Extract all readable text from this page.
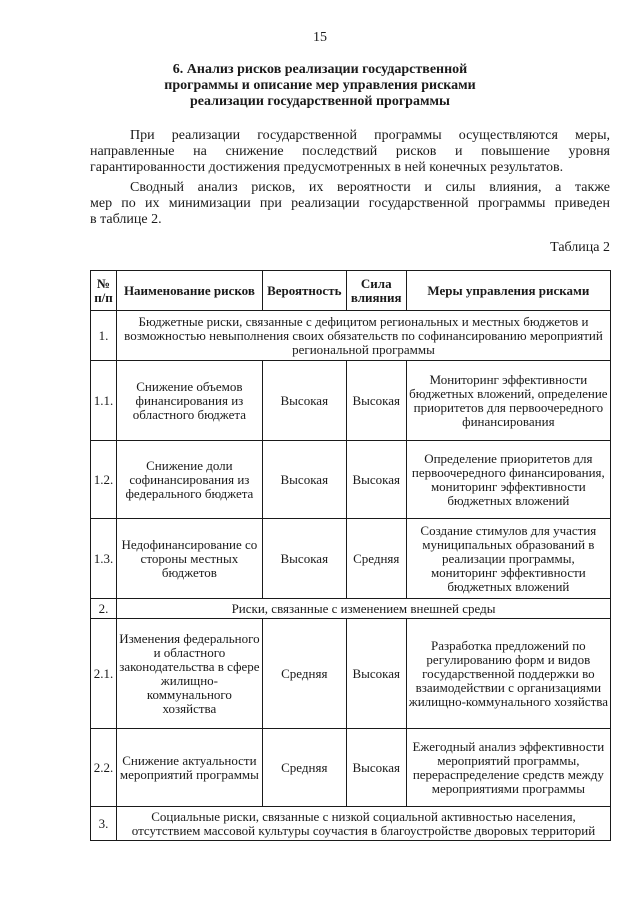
15
6. Анализ рисков реализации государственной
программы и описание мер управления рисками
реализации государственной программы
При реализации государственной программы осуществляются меры,
направленные на снижение последствий рисков и повышение уровня
гарантированности достижения предусмотренных в ней конечных результатов.
Сводный анализ рисков, их вероятности и силы влияния, а также
мер по их минимизации при реализации государственной программы приведен
в таблице 2.
Таблица 2
№ п/п	Наименование рисков	Вероятность	Сила влияния	Меры управления рисками
1.	Бюджетные риски, связанные с дефицитом региональных и местных бюджетов и возможностью невыполнения своих обязательств по софинансированию мероприятий региональной программы			
1.1.	Снижение объемов финансирования из областного бюджета	Высокая	Высокая	Мониторинг эффективности бюджетных вложений, определение приоритетов для первоочередного финансирования
1.2.	Снижение доли софинансирования из федерального бюджета	Высокая	Высокая	Определение приоритетов для первоочередного финансирования, мониторинг эффективности бюджетных вложений
1.3.	Недофинансирование со стороны местных бюджетов	Высокая	Средняя	Создание стимулов для участия муниципальных образований в реализации программы, мониторинг эффективности бюджетных вложений
2.	Риски, связанные с изменением внешней среды			
2.1.	Изменения федерального и областного законодательства в сфере жилищно-коммунального хозяйства	Средняя	Высокая	Разработка предложений по регулированию форм и видов государственной поддержки во взаимодействии с организациями жилищно-коммунального хозяйства
2.2.	Снижение актуальности мероприятий программы	Средняя	Высокая	Ежегодный анализ эффективности мероприятий программы, перераспределение средств между мероприятиями программы
3.	Социальные риски, связанные с низкой социальной активностью населения, отсутствием массовой культуры соучастия в благоустройстве дворовых территорий			
